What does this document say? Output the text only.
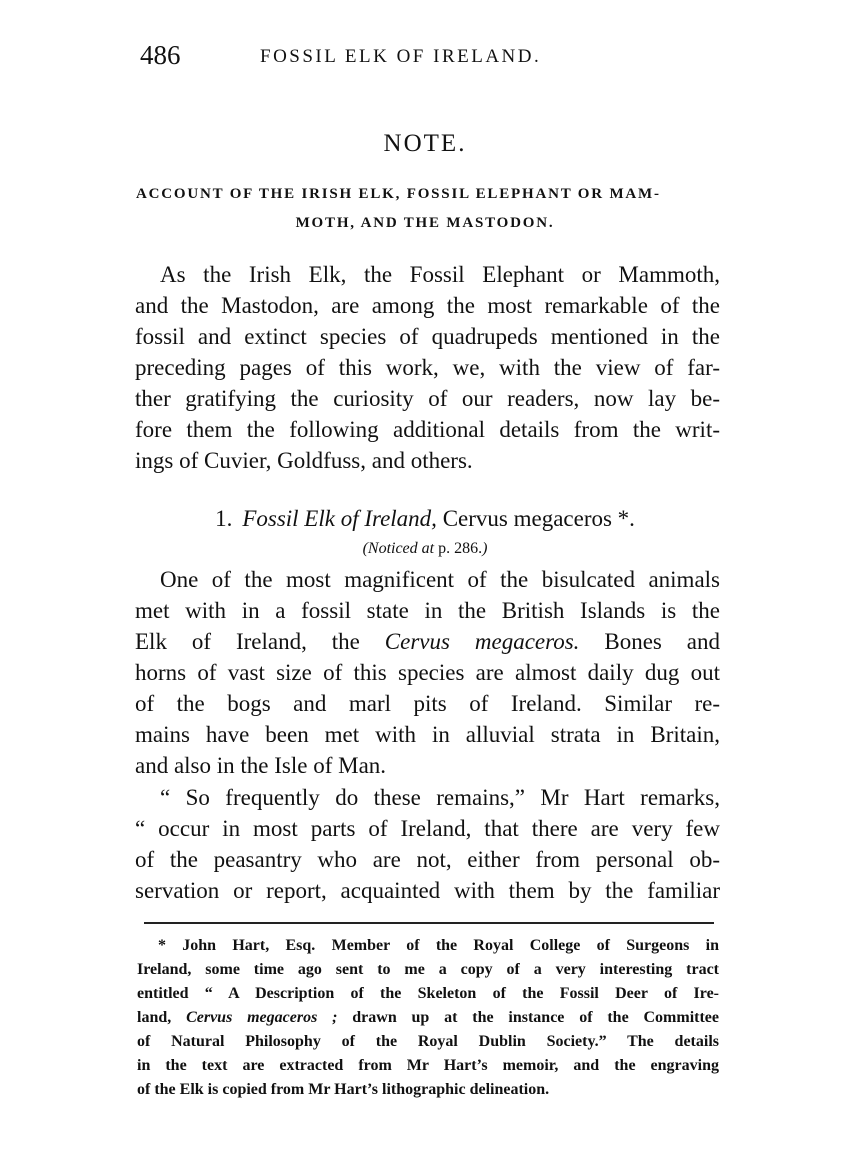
486	FOSSIL ELK OF IRELAND.
NOTE.
ACCOUNT OF THE IRISH ELK, FOSSIL ELEPHANT OR MAM-
MOTH, AND THE MASTODON.
As the Irish Elk, the Fossil Elephant or Mammoth,
and the Mastodon, are among the most remarkable of the
fossil and extinct species of quadrupeds mentioned in the
preceding pages of this work, we, with the view of far-
ther gratifying the curiosity of our readers, now lay be-
fore them the following additional details from the writ-
ings of Cuvier, Goldfuss, and others.
1. Fossil Elk of Ireland, Cervus megaceros *.
(Noticed at p. 286.)
One of the most magnificent of the bisulcated animals
met with in a fossil state in the British Islands is the
Elk of Ireland, the Cervus megaceros. Bones and
horns of vast size of this species are almost daily dug out
of the bogs and marl pits of Ireland. Similar re-
mains have been met with in alluvial strata in Britain,
and also in the Isle of Man.
“ So frequently do these remains,” Mr Hart remarks,
“ occur in most parts of Ireland, that there are very few
of the peasantry who are not, either from personal ob-
servation or report, acquainted with them by the familiar
* John Hart, Esq. Member of the Royal College of Surgeons in
Ireland, some time ago sent to me a copy of a very interesting tract
entitled “ A Description of the Skeleton of the Fossil Deer of Ire-
land, Cervus megaceros ; drawn up at the instance of the Committee
of Natural Philosophy of the Royal Dublin Society.” The details
in the text are extracted from Mr Hart’s memoir, and the engraving
of the Elk is copied from Mr Hart’s lithographic delineation.
